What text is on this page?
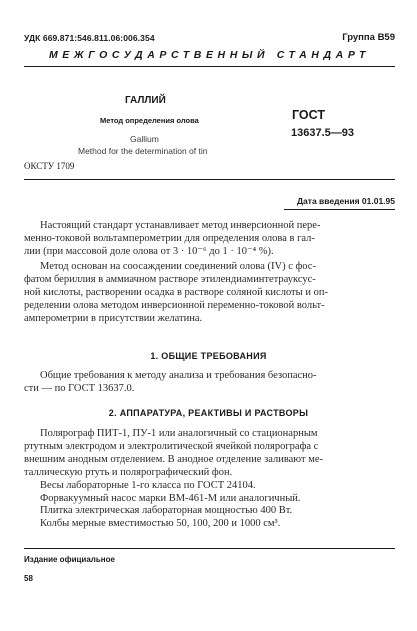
УДК 669.871:546.811.06:006.354	Группа В59
МЕЖГОСУДАРСТВЕННЫЙ СТАНДАРТ
ГАЛЛИЙ
Метод определения олова	ГОСТ
13637.5—93
Gallium
Method for the determination of tin
ОКСТУ 1709
Дата введения 01.01.95
Настоящий стандарт устанавливает метод инверсионной пере-
менно-токовой вольтамперометрии для определения олова в гал-
лии (при массовой доле олова от 3 · 10⁻⁶ до 1 · 10⁻⁴ %).
Метод основан на соосаждении соединений олова (IV) с фос-
фатом бериллия в аммиачном растворе этилендиаминтетрауксус-
ной кислоты, растворении осадка в растворе соляной кислоты и оп-
ределении олова методом инверсионной переменно-токовой вольт-
амперометрии в присутствии желатина.
1. ОБЩИЕ ТРЕБОВАНИЯ
Общие требования к методу анализа и требования безопасно-
сти — по ГОСТ 13637.0.
2. АППАРАТУРА, РЕАКТИВЫ И РАСТВОРЫ
Полярограф ПИТ-1, ПУ-1 или аналогичный со стационарным
ртутным электродом и электролитической ячейкой полярографа с
внешним анодным отделением. В анодное отделение заливают ме-
таллическую ртуть и полярографический фон.
Весы лабораторные 1-го класса по ГОСТ 24104.
Форвакуумный насос марки ВМ-461-М или аналогичный.
Плитка электрическая лабораторная мощностью 400 Вт.
Колбы мерные вместимостью 50, 100, 200 и 1000 см³.
Издание официальное
58
